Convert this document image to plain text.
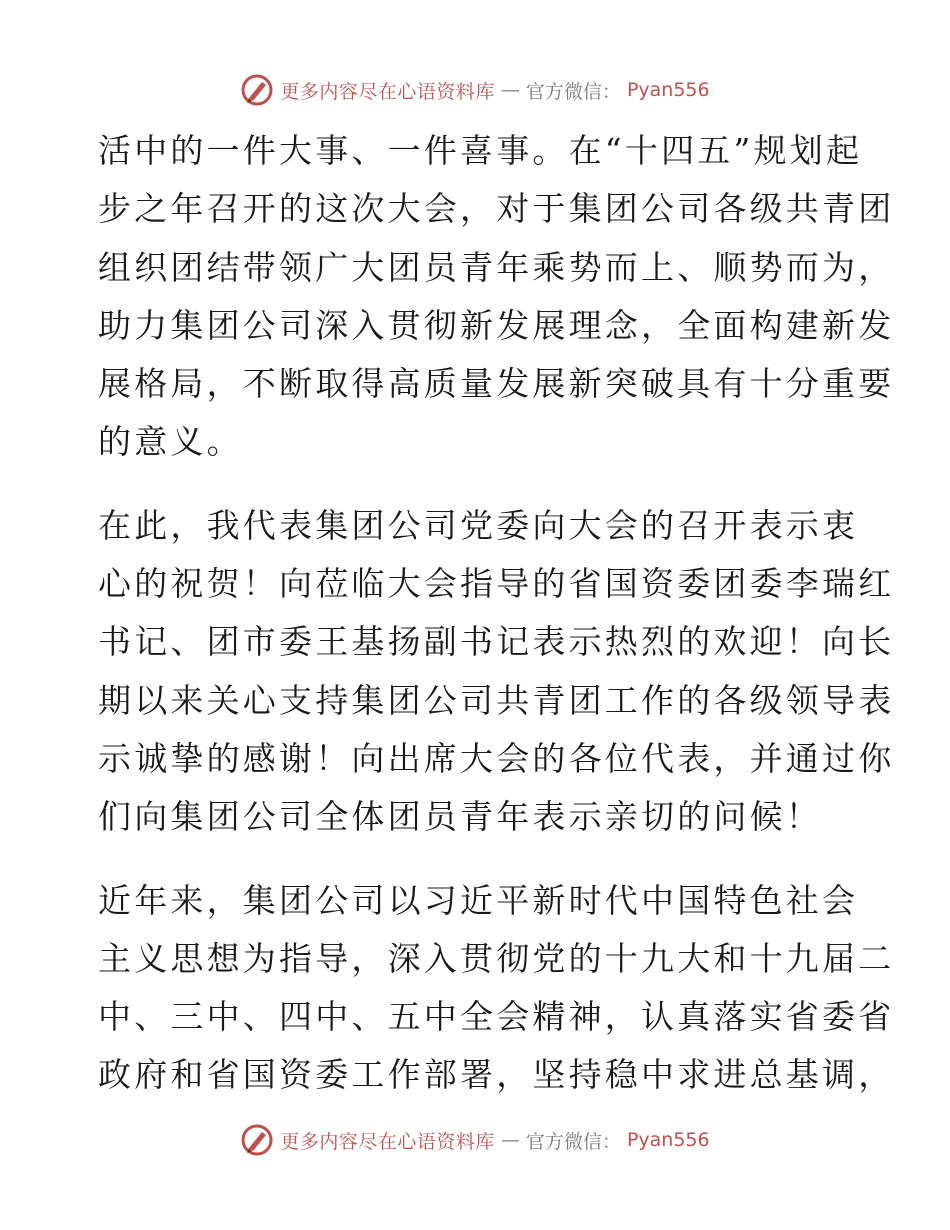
更多内容尽在心语资料库 — 官方微信： Pyan556

活中的一件大事、一件喜事。在“十四五”规划起
步之年召开的这次大会，对于集团公司各级共青团
组织团结带领广大团员青年乘势而上、顺势而为，
助力集团公司深入贯彻新发展理念，全面构建新发
展格局，不断取得高质量发展新突破具有十分重要
的意义。

在此，我代表集团公司党委向大会的召开表示衷
心的祝贺！向莅临大会指导的省国资委团委李瑞红
书记、团市委王基扬副书记表示热烈的欢迎！向长
期以来关心支持集团公司共青团工作的各级领导表
示诚挚的感谢！向出席大会的各位代表，并通过你
们向集团公司全体团员青年表示亲切的问候！

近年来，集团公司以习近平新时代中国特色社会
主义思想为指导，深入贯彻党的十九大和十九届二
中、三中、四中、五中全会精神，认真落实省委省
政府和省国资委工作部署，坚持稳中求进总基调，

更多内容尽在心语资料库 — 官方微信： Pyan556
